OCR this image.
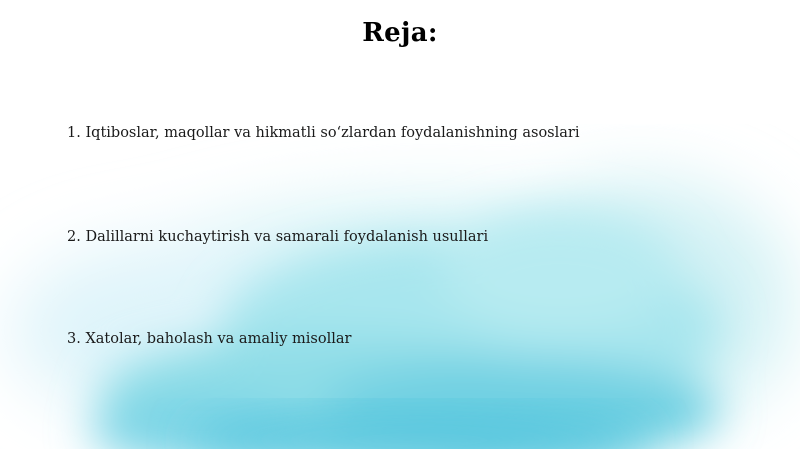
Reja:
1. Iqtiboslar, maqollar va hikmatli so‘zlardan foydalanishning asoslari
2. Dalillarni kuchaytirish va samarali foydalanish usullari
3. Xatolar, baholash va amaliy misollar
